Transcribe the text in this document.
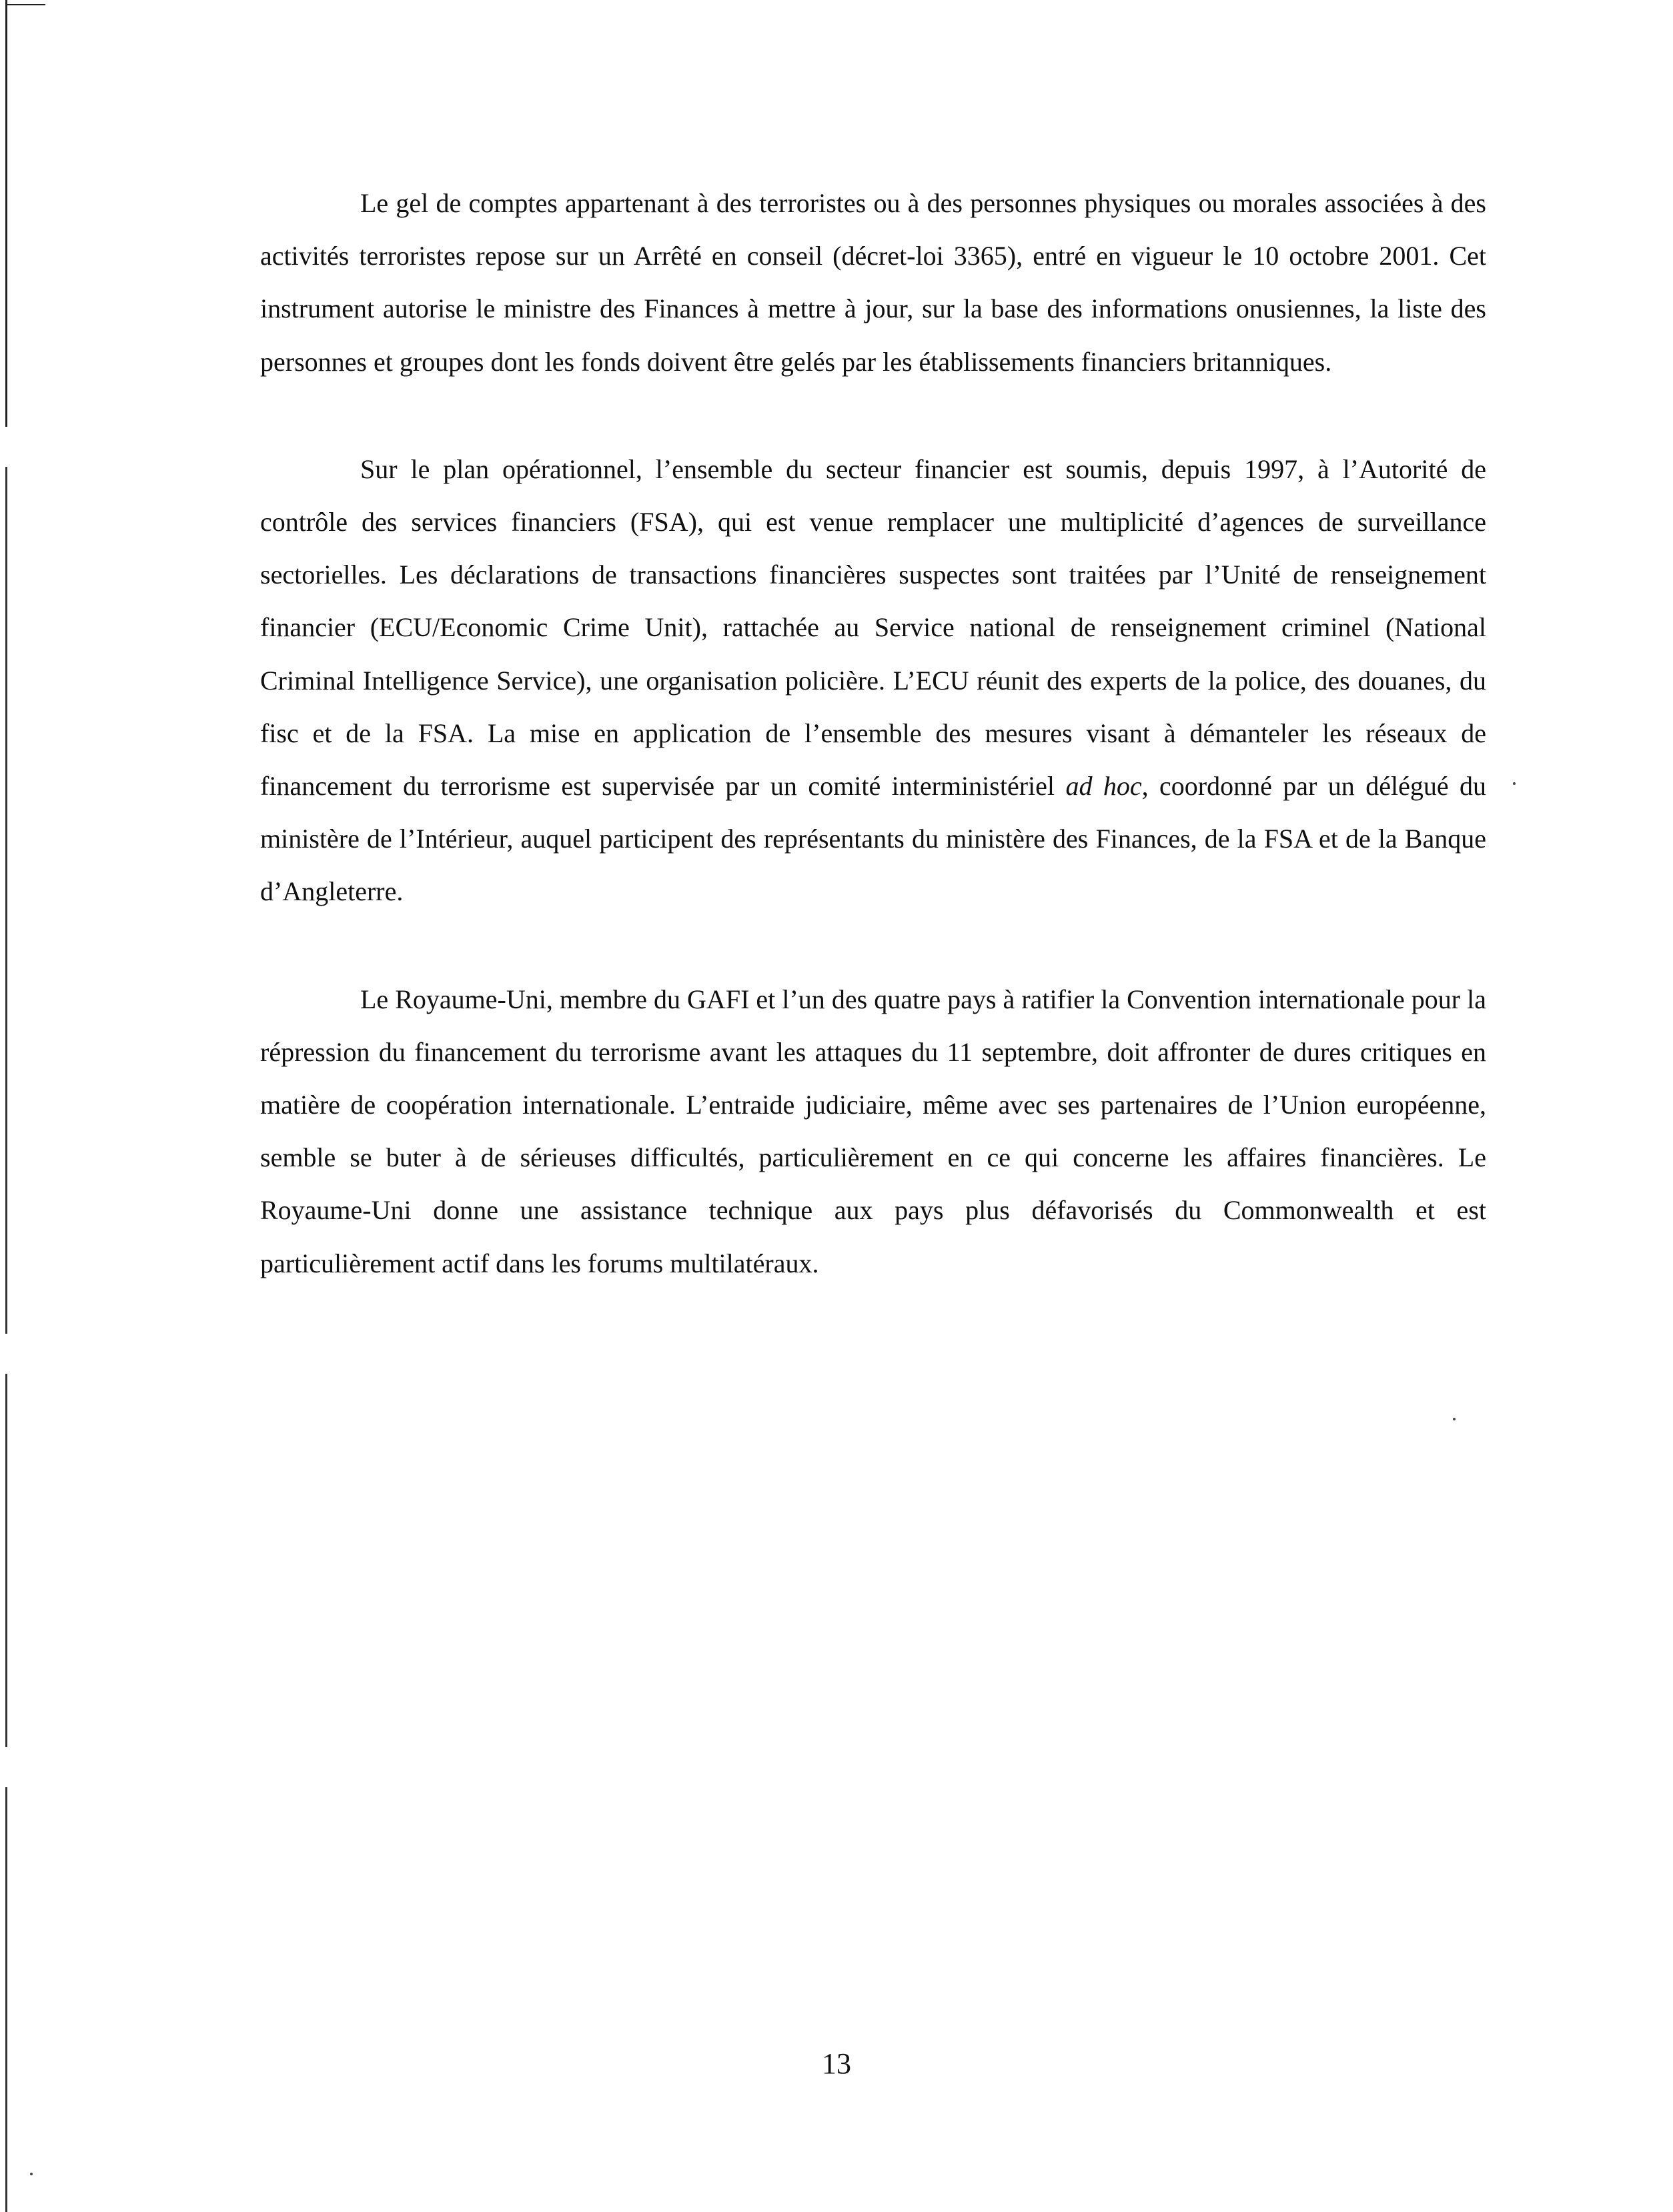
Le gel de comptes appartenant à des terroristes ou à des personnes physiques ou morales associées à des activités terroristes repose sur un Arrêté en conseil (décret-loi 3365), entré en vigueur le 10 octobre 2001. Cet instrument autorise le ministre des Finances à mettre à jour, sur la base des informations onusiennes, la liste des personnes et groupes dont les fonds doivent être gelés par les établissements financiers britanniques.

Sur le plan opérationnel, l’ensemble du secteur financier est soumis, depuis 1997, à l’Autorité de contrôle des services financiers (FSA), qui est venue remplacer une multiplicité d’agences de surveillance sectorielles. Les déclarations de transactions financières suspectes sont traitées par l’Unité de renseignement financier (ECU/Economic Crime Unit), rattachée au Service national de renseignement criminel (National Criminal Intelligence Service), une organisation policière. L’ECU réunit des experts de la police, des douanes, du fisc et de la FSA. La mise en application de l’ensemble des mesures visant à démanteler les réseaux de financement du terrorisme est supervisée par un comité interministériel ad hoc, coordonné par un délégué du ministère de l’Intérieur, auquel participent des représentants du ministère des Finances, de la FSA et de la Banque d’Angleterre.

Le Royaume-Uni, membre du GAFI et l’un des quatre pays à ratifier la Convention internationale pour la répression du financement du terrorisme avant les attaques du 11 septembre, doit affronter de dures critiques en matière de coopération internationale. L’entraide judiciaire, même avec ses partenaires de l’Union européenne, semble se buter à de sérieuses difficultés, particulièrement en ce qui concerne les affaires financières. Le Royaume-Uni donne une assistance technique aux pays plus défavorisés du Commonwealth et est particulièrement actif dans les forums multilatéraux.

13
